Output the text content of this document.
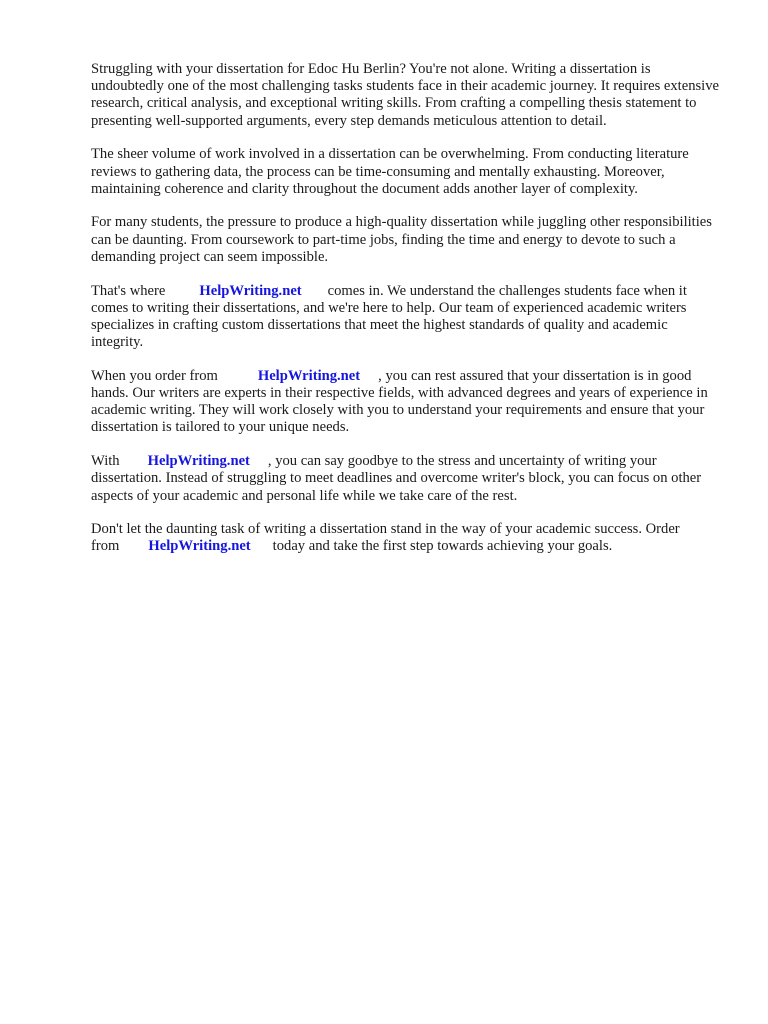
Struggling with your dissertation for Edoc Hu Berlin? You're not alone. Writing a dissertation is undoubtedly one of the most challenging tasks students face in their academic journey. It requires extensive research, critical analysis, and exceptional writing skills. From crafting a compelling thesis statement to presenting well-supported arguments, every step demands meticulous attention to detail.

The sheer volume of work involved in a dissertation can be overwhelming. From conducting literature reviews to gathering data, the process can be time-consuming and mentally exhausting. Moreover, maintaining coherence and clarity throughout the document adds another layer of complexity.

For many students, the pressure to produce a high-quality dissertation while juggling other responsibilities can be daunting. From coursework to part-time jobs, finding the time and energy to devote to such a demanding project can seem impossible.

That's where HelpWriting.net comes in. We understand the challenges students face when it comes to writing their dissertations, and we're here to help. Our team of experienced academic writers specializes in crafting custom dissertations that meet the highest standards of quality and academic integrity.

When you order from	HelpWriting.net , you can rest assured that your dissertation is in good hands. Our writers are experts in their respective fields, with advanced degrees and years of experience in academic writing. They will work closely with you to understand your requirements and ensure that your dissertation is tailored to your unique needs.

With HelpWriting.net , you can say goodbye to the stress and uncertainty of writing your dissertation. Instead of struggling to meet deadlines and overcome writer's block, you can focus on other aspects of your academic and personal life while we take care of the rest.

Don't let the daunting task of writing a dissertation stand in the way of your academic success. Order from HelpWriting.net today and take the first step towards achieving your goals.
